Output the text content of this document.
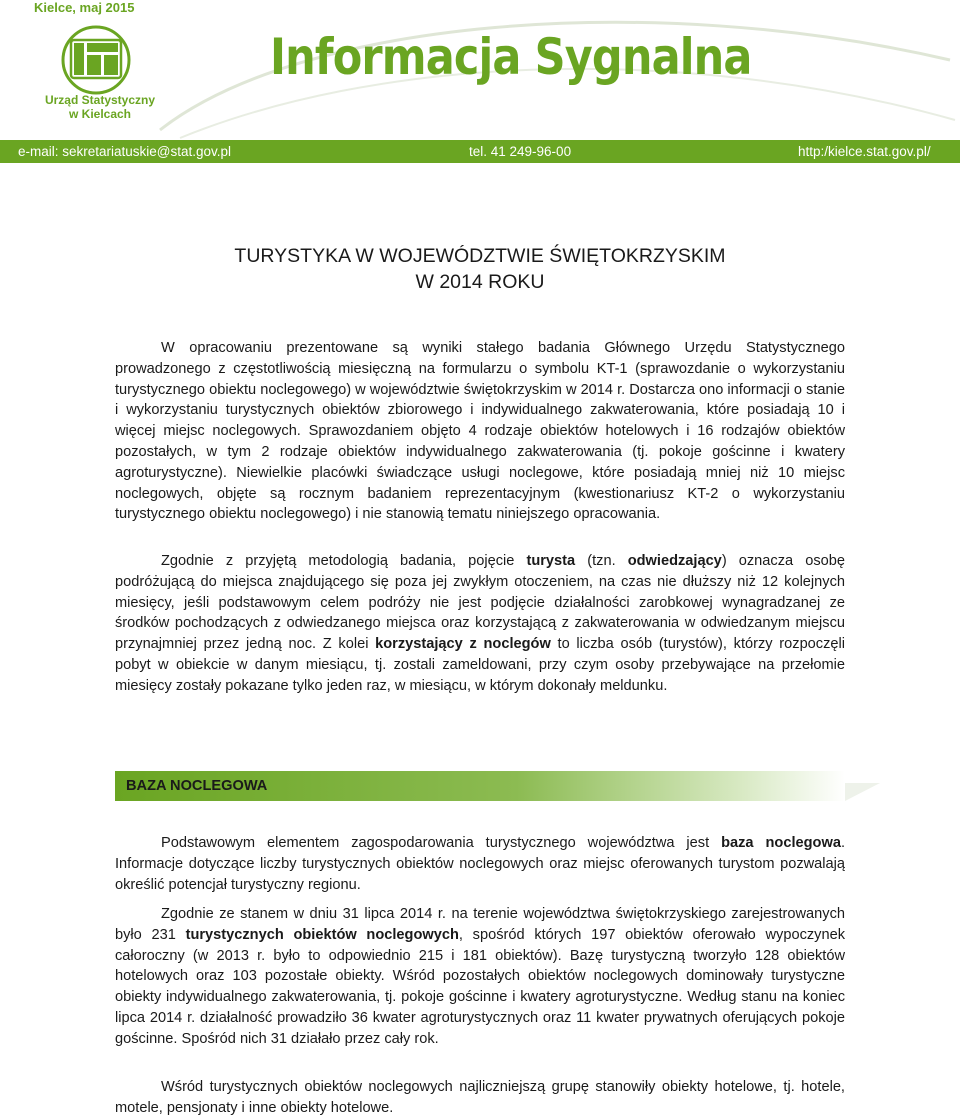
Kielce, maj 2015
Urząd Statystyczny
w Kielcach
Informacja Sygnalna
e-mail: sekretariatuskie@stat.gov.pl	tel. 41 249-96-00	http:/kielce.stat.gov.pl/
TURYSTYKA W WOJEWÓDZTWIE ŚWIĘTOKRZYSKIM
W 2014 ROKU

W opracowaniu prezentowane są wyniki stałego badania Głównego Urzędu Statystycznego prowadzonego z częstotliwością miesięczną na formularzu o symbolu KT-1 (sprawozdanie o wykorzystaniu turystycznego obiektu noclegowego) w województwie świętokrzyskim w 2014 r. Dostarcza ono informacji o stanie i wykorzystaniu turystycznych obiektów zbiorowego i indywidualnego zakwaterowania, które posiadają 10 i więcej miejsc noclegowych. Sprawozdaniem objęto 4 rodzaje obiektów hotelowych i 16 rodzajów obiektów pozostałych, w tym 2 rodzaje obiektów indywidualnego zakwaterowania (tj. pokoje gościnne i kwatery agroturystyczne). Niewielkie placówki świadczące usługi noclegowe, które posiadają mniej niż 10 miejsc noclegowych, objęte są rocznym badaniem reprezentacyjnym (kwestionariusz KT-2 o wykorzystaniu turystycznego obiektu noclegowego) i nie stanowią tematu niniejszego opracowania.

Zgodnie z przyjętą metodologią badania, pojęcie turysta (tzn. odwiedzający) oznacza osobę podróżującą do miejsca znajdującego się poza jej zwykłym otoczeniem, na czas nie dłuższy niż 12 kolejnych miesięcy, jeśli podstawowym celem podróży nie jest podjęcie działalności zarobkowej wynagradzanej ze środków pochodzących z odwiedzanego miejsca oraz korzystającą z zakwaterowania w odwiedzanym miejscu przynajmniej przez jedną noc. Z kolei korzystający z noclegów to liczba osób (turystów), którzy rozpoczęli pobyt w obiekcie w danym miesiącu, tj. zostali zameldowani, przy czym osoby przebywające na przełomie miesięcy zostały pokazane tylko jeden raz, w miesiącu, w którym dokonały meldunku.

BAZA NOCLEGOWA

Podstawowym elementem zagospodarowania turystycznego województwa jest baza noclegowa. Informacje dotyczące liczby turystycznych obiektów noclegowych oraz miejsc oferowanych turystom pozwalają określić potencjał turystyczny regionu.

Zgodnie ze stanem w dniu 31 lipca 2014 r. na terenie województwa świętokrzyskiego zarejestrowanych było 231 turystycznych obiektów noclegowych, spośród których 197 obiektów oferowało wypoczynek całoroczny (w 2013 r. było to odpowiednio 215 i 181 obiektów). Bazę turystyczną tworzyło 128 obiektów hotelowych oraz 103 pozostałe obiekty. Wśród pozostałych obiektów noclegowych dominowały turystyczne obiekty indywidualnego zakwaterowania, tj. pokoje gościnne i kwatery agroturystyczne. Według stanu na koniec lipca 2014 r. działalność prowadziło 36 kwater agroturystycznych oraz 11 kwater prywatnych oferujących pokoje gościnne. Spośród nich 31 działało przez cały rok.

Wśród turystycznych obiektów noclegowych najliczniejszą grupę stanowiły obiekty hotelowe, tj. hotele, motele, pensjonaty i inne obiekty hotelowe.
